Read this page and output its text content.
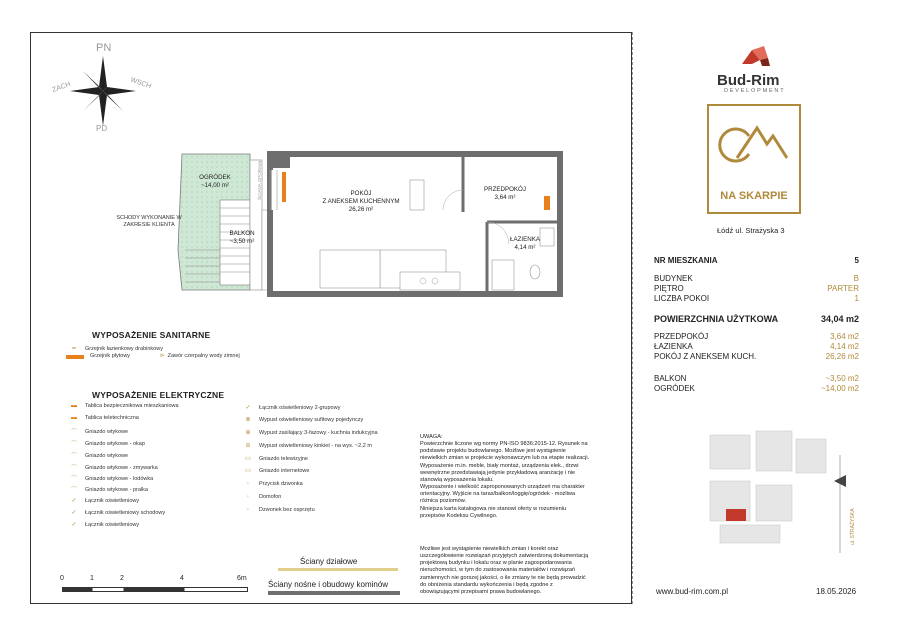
PN
PD
ZACH	WSCH
OGRÓDEK
~14,00 m²
BALKON
~3,50 m²
POKÓJ
Z ANEKSEM KUCHENNYM
26,26 m²
PRZEDPOKÓJ
3,64 m²
ŁAZIENKA
4,14 m²
ŚCIANA OPORowa
SCHODY WYKONANIE W
ZAKRESIE KLIENTA
WYPOSAŻENIE SANITARNE
━	Grzejnik łazienkowy drabinkowy
Grzejnik płytowy	⊳ Zawór czerpalny wody zimnej
WYPOSAŻENIE ELEKTRYCZNE
▬	Tablica bezpiecznikowa mieszkaniowa
▬	Tablica teletechniczna
⌒	Gniazdo wtykowe
⌒	Gniazdo wtykowe - okap
⌒	Gniazdo wtykowe
⌒	Gniazdo wtykowe - zmywarka
⌒	Gniazdo wtykowe - lodówka
⌒	Gniazdo wtykowe - pralka
✓	Łącznik oświetleniowy
✓	Łącznik oświetleniowy schodowy
✓	Łącznik oświetleniowy
✓	Łącznik oświetleniowy 2-grupowy
⊗	Wypust oświetleniowy sufitowy pojedynczy
⊕	Wypust zasilający 3-fazowy - kuchnia indukcyjna
⊖	Wypust oświetleniowy kinkiet - na wys. ~2,2 m
▭	Gniazdo telewizyjne
▭	Gniazdo internetowe
◦	Przycisk dzwonka
◦	Domofon
◦	Dzwonek bez osprzętu
UWAGA:
Powierzchnie liczone wg normy PN-ISO 9836:2015-12. Rysunek na
podstawie projektu budowlanego. Możliwe jest wystąpienie
niewielkich zmian w projekcie wykonawczym lub na etapie realizacji.
Wyposażenie m.in. meble, biały montaż, urządzenia elek., drzwi
wewnętrzne przedstawiają jedynie przykładową aranżację i nie
stanowią wyposażenia lokalu.
Wyposażenie i wielkość zaproponowanych urządzeń ma charakter
orientacyjny. Wyjście na taras/balkon/loggię/ogródek - możliwa
różnica poziomów.
Niniejsza karta katalogowa nie stanowi oferty w rozumieniu
przepisów Kodeksu Cywilnego.
Możliwe jest wystąpienie niewielkich zmian i korekt oraz
uszczegółowienie rozwiązań przyjętych zatwierdzoną dokumentacją
projektową budynku i lokalu oraz w planie zagospodarowania
nieruchomości, w tym do zastosowania materiałów i rozwiązań
zamiennych nie gorszej jakości, o ile zmiany te nie będą prowadzić
do obniżenia standardu wykończenia i będą zgodne z
obowiązującymi przepisami prawa budowlanego.
Ściany działowe
Ściany nośne i obudowy kominów
0	1	2	4	6m
Bud-Rim
DEVELOPMENT
NA SKARPIE
Łódź ul. Strażyska 3
NR MIESZKANIA	5
BUDYNEK	B
PIĘTRO	PARTER
LICZBA POKOI	1
POWIERZCHNIA UŻYTKOWA	34,04 m2
PRZEDPOKÓJ	3,64 m2
ŁAZIENKA	4,14 m2
POKÓJ Z ANEKSEM KUCH.	26,26 m2
BALKON	~3,50 m2
OGRÓDEK	~14,00 m2
ul. STRAŻYSKA
www.bud-rim.com.pl	18.05.2026
